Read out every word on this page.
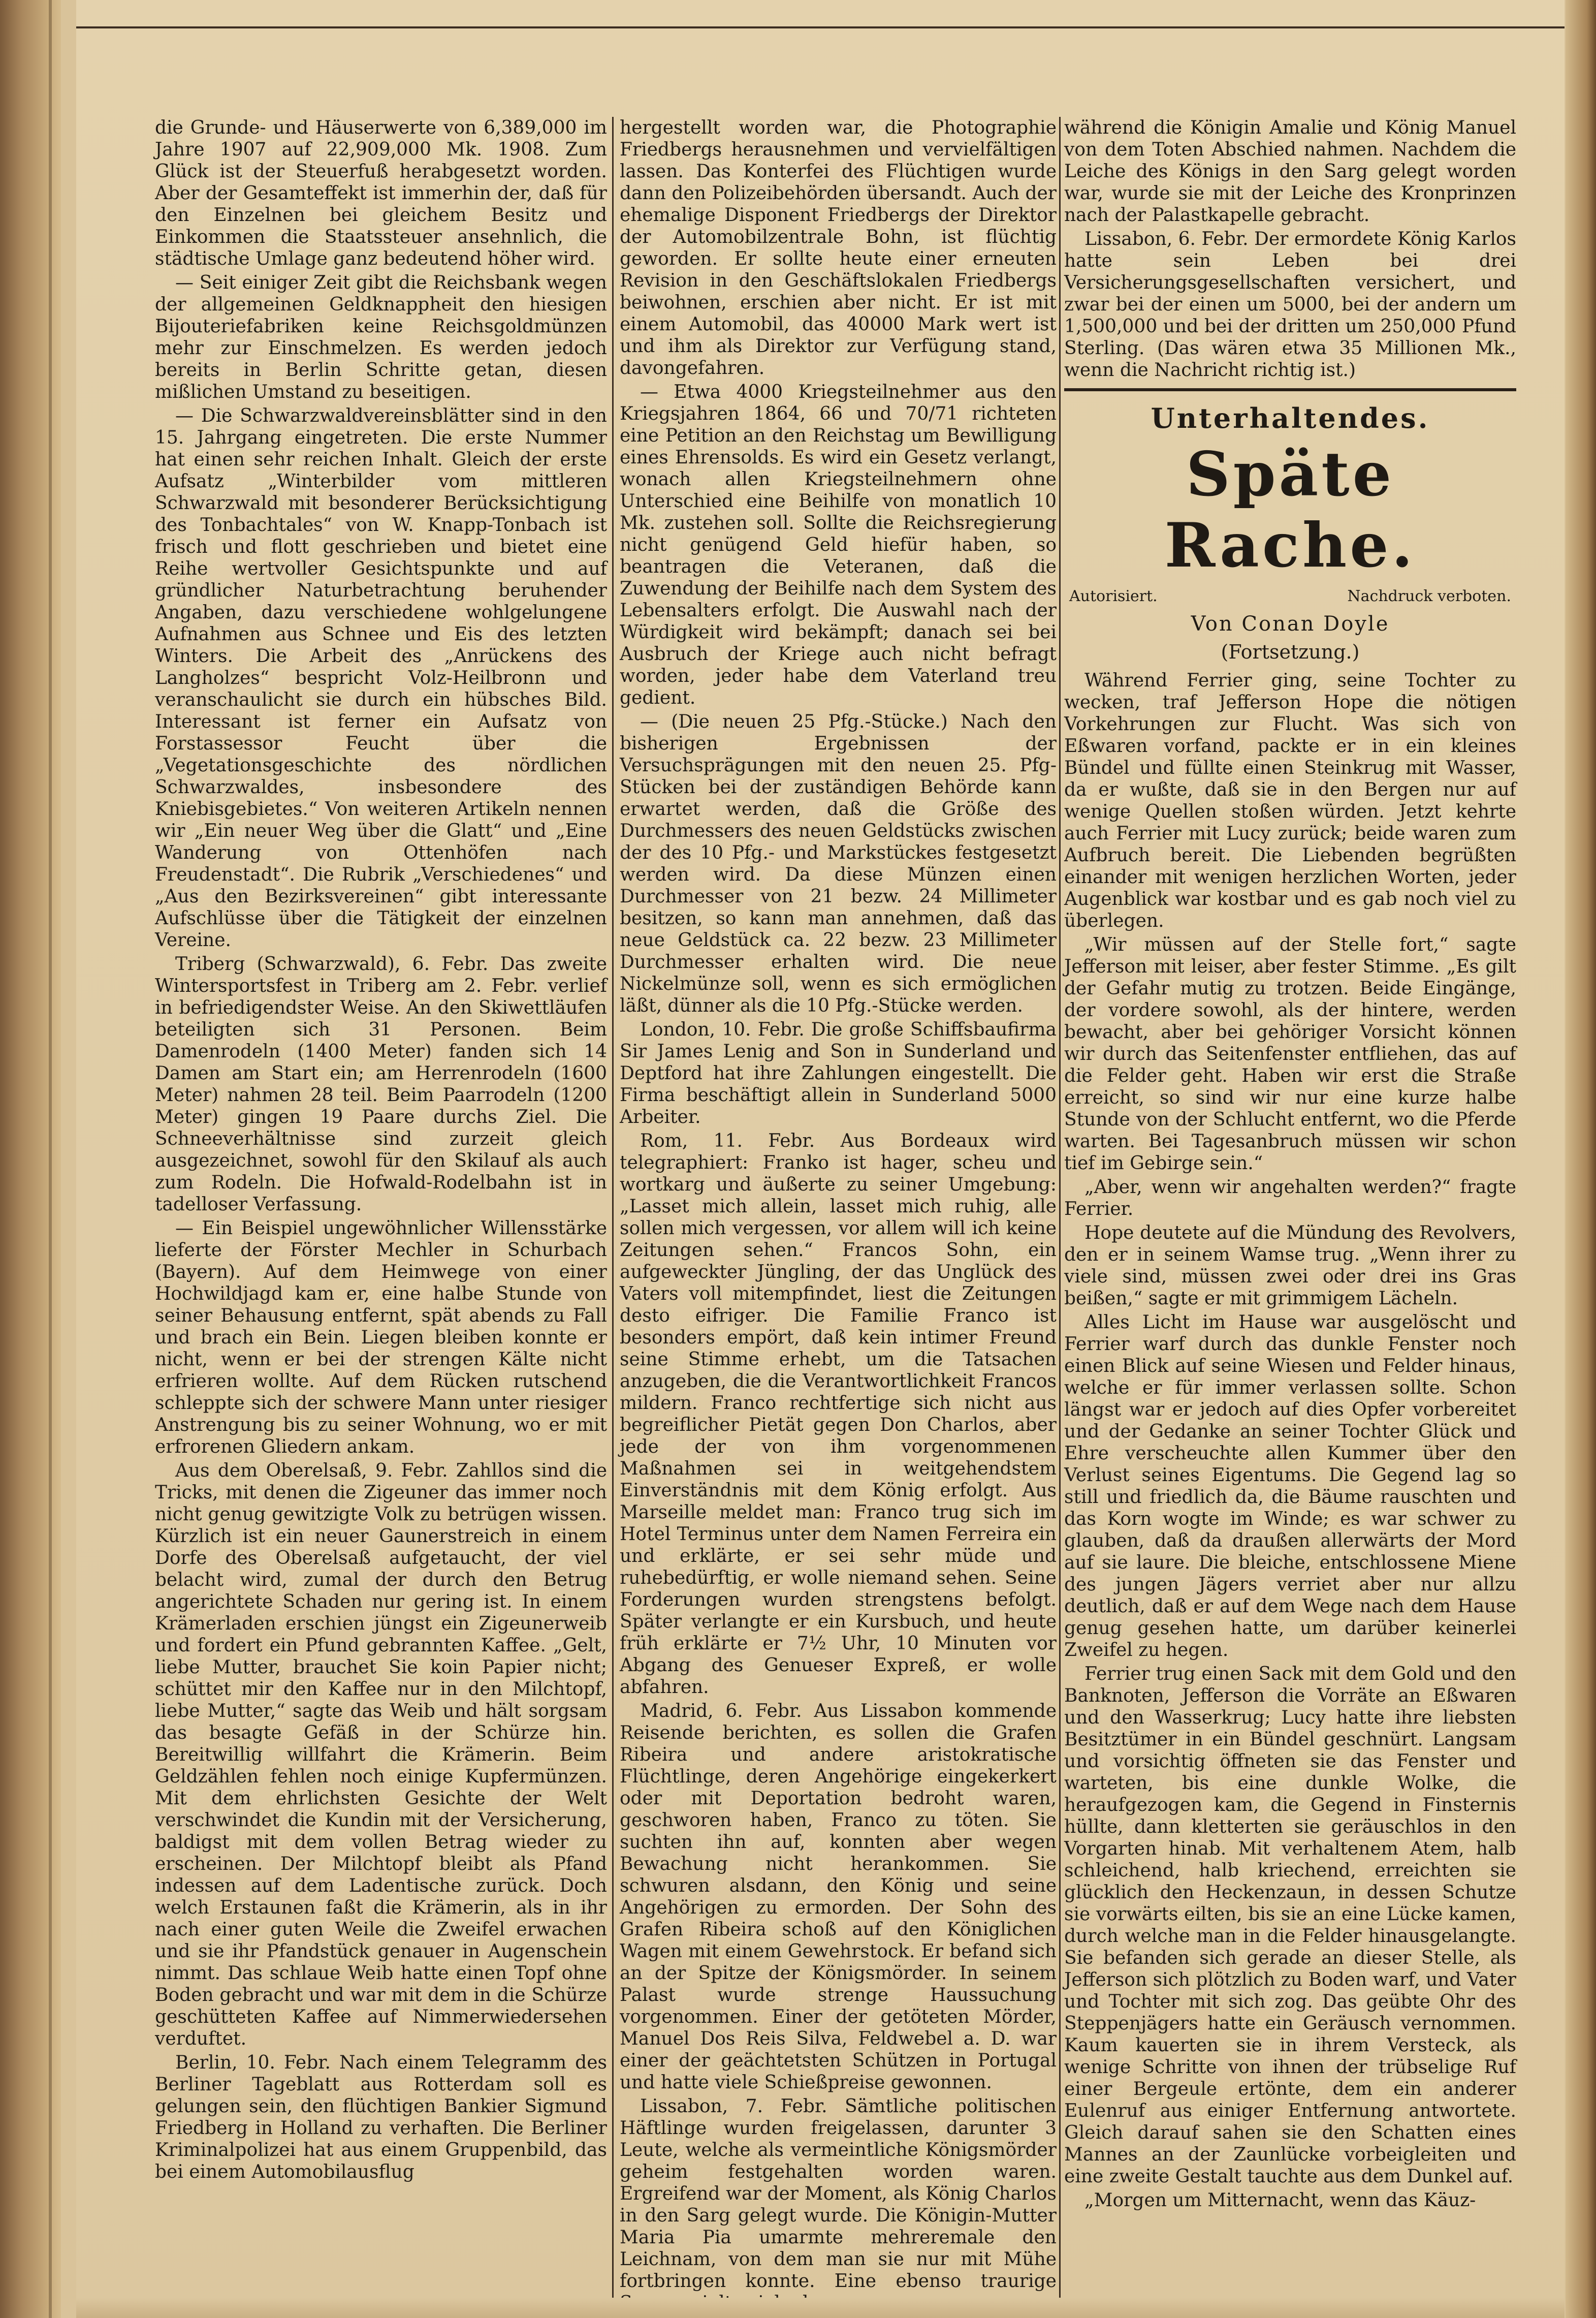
die Grunde- und Häuserwerte von 6,389,000 im Jahre 1907 auf 22,909,000 Mk. 1908. Zum Glück ist der Steuerfuß herabgesetzt worden. Aber der Gesamteffekt ist immerhin der, daß für den Einzelnen bei gleichem Besitz und Einkommen die Staatssteuer ansehnlich, die städtische Umlage ganz bedeutend höher wird.

— Seit einiger Zeit gibt die Reichsbank wegen der allgemeinen Geldknappheit den hiesigen Bijouteriefabriken keine Reichsgoldmünzen mehr zur Einschmelzen. Es werden jedoch bereits in Berlin Schritte getan, diesen mißlichen Umstand zu beseitigen.

— Die Schwarzwaldvereinsblätter sind in den 15. Jahrgang eingetreten. Die erste Nummer hat einen sehr reichen Inhalt. Gleich der erste Aufsatz „Winterbilder vom mittleren Schwarzwald mit besonderer Berücksichtigung des Tonbachtales“ von W. Knapp-Tonbach ist frisch und flott geschrieben und bietet eine Reihe wertvoller Gesichtspunkte und auf gründlicher Naturbetrachtung beruhender Angaben, dazu verschiedene wohlgelungene Aufnahmen aus Schnee und Eis des letzten Winters. Die Arbeit des „Anrückens des Langholzes“ bespricht Volz-Heilbronn und veranschaulicht sie durch ein hübsches Bild. Interessant ist ferner ein Aufsatz von Forstassessor Feucht über die „Vegetationsgeschichte des nördlichen Schwarzwaldes, insbesondere des Kniebisgebietes.“ Von weiteren Artikeln nennen wir „Ein neuer Weg über die Glatt“ und „Eine Wanderung von Ottenhöfen nach Freudenstadt“. Die Rubrik „Verschiedenes“ und „Aus den Bezirksvereinen“ gibt interessante Aufschlüsse über die Tätigkeit der einzelnen Vereine.

Triberg (Schwarzwald), 6. Febr. Das zweite Wintersportsfest in Triberg am 2. Febr. verlief in befriedigendster Weise. An den Skiwettläufen beteiligten sich 31 Personen. Beim Damenrodeln (1400 Meter) fanden sich 14 Damen am Start ein; am Herrenrodeln (1600 Meter) nahmen 28 teil. Beim Paarrodeln (1200 Meter) gingen 19 Paare durchs Ziel. Die Schneeverhältnisse sind zurzeit gleich ausgezeichnet, sowohl für den Skilauf als auch zum Rodeln. Die Hofwald-Rodelbahn ist in tadelloser Verfassung.

— Ein Beispiel ungewöhnlicher Willensstärke lieferte der Förster Mechler in Schurbach (Bayern). Auf dem Heimwege von einer Hochwildjagd kam er, eine halbe Stunde von seiner Behausung entfernt, spät abends zu Fall und brach ein Bein. Liegen bleiben konnte er nicht, wenn er bei der strengen Kälte nicht erfrieren wollte. Auf dem Rücken rutschend schleppte sich der schwere Mann unter riesiger Anstrengung bis zu seiner Wohnung, wo er mit erfrorenen Gliedern ankam.

Aus dem Oberelsaß, 9. Febr. Zahllos sind die Tricks, mit denen die Zigeuner das immer noch nicht genug gewitzigte Volk zu betrügen wissen. Kürzlich ist ein neuer Gaunerstreich in einem Dorfe des Oberelsaß aufgetaucht, der viel belacht wird, zumal der durch den Betrug angerichtete Schaden nur gering ist. In einem Krämerladen erschien jüngst ein Zigeunerweib und fordert ein Pfund gebrannten Kaffee. „Gelt, liebe Mutter, brauchet Sie koin Papier nicht; schüttet mir den Kaffee nur in den Milchtopf, liebe Mutter,“ sagte das Weib und hält sorgsam das besagte Gefäß in der Schürze hin. Bereitwillig willfahrt die Krämerin. Beim Geldzählen fehlen noch einige Kupfermünzen. Mit dem ehrlichsten Gesichte der Welt verschwindet die Kundin mit der Versicherung, baldigst mit dem vollen Betrag wieder zu erscheinen. Der Milchtopf bleibt als Pfand indessen auf dem Ladentische zurück. Doch welch Erstaunen faßt die Krämerin, als in ihr nach einer guten Weile die Zweifel erwachen und sie ihr Pfandstück genauer in Augenschein nimmt. Das schlaue Weib hatte einen Topf ohne Boden gebracht und war mit dem in die Schürze geschütteten Kaffee auf Nimmerwiedersehen verduftet.

Berlin, 10. Febr. Nach einem Telegramm des Berliner Tageblatt aus Rotterdam soll es gelungen sein, den flüchtigen Bankier Sigmund Friedberg in Holland zu verhaften. Die Berliner Kriminalpolizei hat aus einem Gruppenbild, das bei einem Automobilausflug

hergestellt worden war, die Photographie Friedbergs herausnehmen und vervielfältigen lassen. Das Konterfei des Flüchtigen wurde dann den Polizeibehörden übersandt. Auch der ehemalige Disponent Friedbergs der Direktor der Automobilzentrale Bohn, ist flüchtig geworden. Er sollte heute einer erneuten Revision in den Geschäftslokalen Friedbergs beiwohnen, erschien aber nicht. Er ist mit einem Automobil, das 40000 Mark wert ist und ihm als Direktor zur Verfügung stand, davongefahren.

— Etwa 4000 Kriegsteilnehmer aus den Kriegsjahren 1864, 66 und 70/71 richteten eine Petition an den Reichstag um Bewilligung eines Ehrensolds. Es wird ein Gesetz verlangt, wonach allen Kriegsteilnehmern ohne Unterschied eine Beihilfe von monatlich 10 Mk. zustehen soll. Sollte die Reichsregierung nicht genügend Geld hiefür haben, so beantragen die Veteranen, daß die Zuwendung der Beihilfe nach dem System des Lebensalters erfolgt. Die Auswahl nach der Würdigkeit wird bekämpft; danach sei bei Ausbruch der Kriege auch nicht befragt worden, jeder habe dem Vaterland treu gedient.

— (Die neuen 25 Pfg.-Stücke.) Nach den bisherigen Ergebnissen der Versuchsprägungen mit den neuen 25. Pfg-Stücken bei der zuständigen Behörde kann erwartet werden, daß die Größe des Durchmessers des neuen Geldstücks zwischen der des 10 Pfg.- und Markstückes festgesetzt werden wird. Da diese Münzen einen Durchmesser von 21 bezw. 24 Millimeter besitzen, so kann man annehmen, daß das neue Geldstück ca. 22 bezw. 23 Millimeter Durchmesser erhalten wird. Die neue Nickelmünze soll, wenn es sich ermöglichen läßt, dünner als die 10 Pfg.-Stücke werden.

London, 10. Febr. Die große Schiffsbaufirma Sir James Lenig and Son in Sunderland und Deptford hat ihre Zahlungen eingestellt. Die Firma beschäftigt allein in Sunderland 5000 Arbeiter.

Rom, 11. Febr. Aus Bordeaux wird telegraphiert: Franko ist hager, scheu und wortkarg und äußerte zu seiner Umgebung: „Lasset mich allein, lasset mich ruhig, alle sollen mich vergessen, vor allem will ich keine Zeitungen sehen.“ Francos Sohn, ein aufgeweckter Jüngling, der das Unglück des Vaters voll mitempfindet, liest die Zeitungen desto eifriger. Die Familie Franco ist besonders empört, daß kein intimer Freund seine Stimme erhebt, um die Tatsachen anzugeben, die die Verantwortlichkeit Francos mildern. Franco rechtfertige sich nicht aus begreiflicher Pietät gegen Don Charlos, aber jede der von ihm vorgenommenen Maßnahmen sei in weitgehendstem Einverständnis mit dem König erfolgt. Aus Marseille meldet man: Franco trug sich im Hotel Terminus unter dem Namen Ferreira ein und erklärte, er sei sehr müde und ruhebedürftig, er wolle niemand sehen. Seine Forderungen wurden strengstens befolgt. Später verlangte er ein Kursbuch, und heute früh erklärte er 7½ Uhr, 10 Minuten vor Abgang des Genueser Expreß, er wolle abfahren.

Madrid, 6. Febr. Aus Lissabon kommende Reisende berichten, es sollen die Grafen Ribeira und andere aristokratische Flüchtlinge, deren Angehörige eingekerkert oder mit Deportation bedroht waren, geschworen haben, Franco zu töten. Sie suchten ihn auf, konnten aber wegen Bewachung nicht herankommen. Sie schwuren alsdann, den König und seine Angehörigen zu ermorden. Der Sohn des Grafen Ribeira schoß auf den Königlichen Wagen mit einem Gewehrstock. Er befand sich an der Spitze der Königsmörder. In seinem Palast wurde strenge Haussuchung vorgenommen. Einer der getöteten Mörder, Manuel Dos Reis Silva, Feldwebel a. D. war einer der geächtetsten Schützen in Portugal und hatte viele Schießpreise gewonnen.

Lissabon, 7. Febr. Sämtliche politischen Häftlinge wurden freigelassen, darunter 3 Leute, welche als vermeintliche Königsmörder geheim festgehalten worden waren. Ergreifend war der Moment, als König Charlos in den Sarg gelegt wurde. Die Königin-Mutter Maria Pia umarmte mehreremale den Leichnam, von dem man sie nur mit Mühe fortbringen konnte. Eine ebenso traurige

während die Königin Amalie und König Manuel von dem Toten Abschied nahmen. Nachdem die Leiche des Königs in den Sarg gelegt worden war, wurde sie mit der Leiche des Kronprinzen nach der Palastkapelle gebracht.

Lissabon, 6. Febr. Der ermordete König Karlos hatte sein Leben bei drei Versicherungsgesellschaften versichert, und zwar bei der einen um 5000, bei der andern um 1,500,000 und bei der dritten um 250,000 Pfund Sterling. (Das wären etwa 35 Millionen Mk., wenn die Nachricht richtig ist.)

Unterhaltendes.
Späte Rache.
Autorisiert.	Nachdruck verboten.
Von Conan Doyle
(Fortsetzung.)

Während Ferrier ging, seine Tochter zu wecken, traf Jefferson Hope die nötigen Vorkehrungen zur Flucht. Was sich von Eßwaren vorfand, packte er in ein kleines Bündel und füllte einen Steinkrug mit Wasser, da er wußte, daß sie in den Bergen nur auf wenige Quellen stoßen würden. Jetzt kehrte auch Ferrier mit Lucy zurück; beide waren zum Aufbruch bereit. Die Liebenden begrüßten einander mit wenigen herzlichen Worten, jeder Augenblick war kostbar und es gab noch viel zu überlegen.

„Wir müssen auf der Stelle fort,“ sagte Jefferson mit leiser, aber fester Stimme. „Es gilt der Gefahr mutig zu trotzen. Beide Eingänge, der vordere sowohl, als der hintere, werden bewacht, aber bei gehöriger Vorsicht können wir durch das Seitenfenster entfliehen, das auf die Felder geht. Haben wir erst die Straße erreicht, so sind wir nur eine kurze halbe Stunde von der Schlucht entfernt, wo die Pferde warten. Bei Tagesanbruch müssen wir schon tief im Gebirge sein.“

„Aber, wenn wir angehalten werden?“ fragte Ferrier.

Hope deutete auf die Mündung des Revolvers, den er in seinem Wamse trug. „Wenn ihrer zu viele sind, müssen zwei oder drei ins Gras beißen,“ sagte er mit grimmigem Lächeln.

Alles Licht im Hause war ausgelöscht und Ferrier warf durch das dunkle Fenster noch einen Blick auf seine Wiesen und Felder hinaus, welche er für immer verlassen sollte. Schon längst war er jedoch auf dies Opfer vorbereitet und der Gedanke an seiner Tochter Glück und Ehre verscheuchte allen Kummer über den Verlust seines Eigentums. Die Gegend lag so still und friedlich da, die Bäume rauschten und das Korn wogte im Winde; es war schwer zu glauben, daß da draußen allerwärts der Mord auf sie laure. Die bleiche, entschlossene Miene des jungen Jägers verriet aber nur allzu deutlich, daß er auf dem Wege nach dem Hause genug gesehen hatte, um darüber keinerlei Zweifel zu hegen.

Ferrier trug einen Sack mit dem Gold und den Banknoten, Jefferson die Vorräte an Eßwaren und den Wasserkrug; Lucy hatte ihre liebsten Besitztümer in ein Bündel geschnürt. Langsam und vorsichtig öffneten sie das Fenster und warteten, bis eine dunkle Wolke, die heraufgezogen kam, die Gegend in Finsternis hüllte, dann kletterten sie geräuschlos in den Vorgarten hinab. Mit verhaltenem Atem, halb schleichend, halb kriechend, erreichten sie glücklich den Heckenzaun, in dessen Schutze sie vorwärts eilten, bis sie an eine Lücke kamen, durch welche man in die Felder hinausgelangte. Sie befanden sich gerade an dieser Stelle, als Jefferson sich plötzlich zu Boden warf, und Vater und Tochter mit sich zog. Das geübte Ohr des Steppenjägers hatte ein Geräusch vernommen. Kaum kauerten sie in ihrem Versteck, als wenige Schritte von ihnen der trübselige Ruf einer Bergeule ertönte, dem ein anderer Eulenruf aus einiger Entfernung antwortete. Gleich darauf sahen sie den Schatten eines Mannes an der Zaunlücke vorbeigleiten und eine zweite Gestalt tauchte aus dem Dunkel auf.

„Morgen um Mitternacht, wenn das Käuz-
